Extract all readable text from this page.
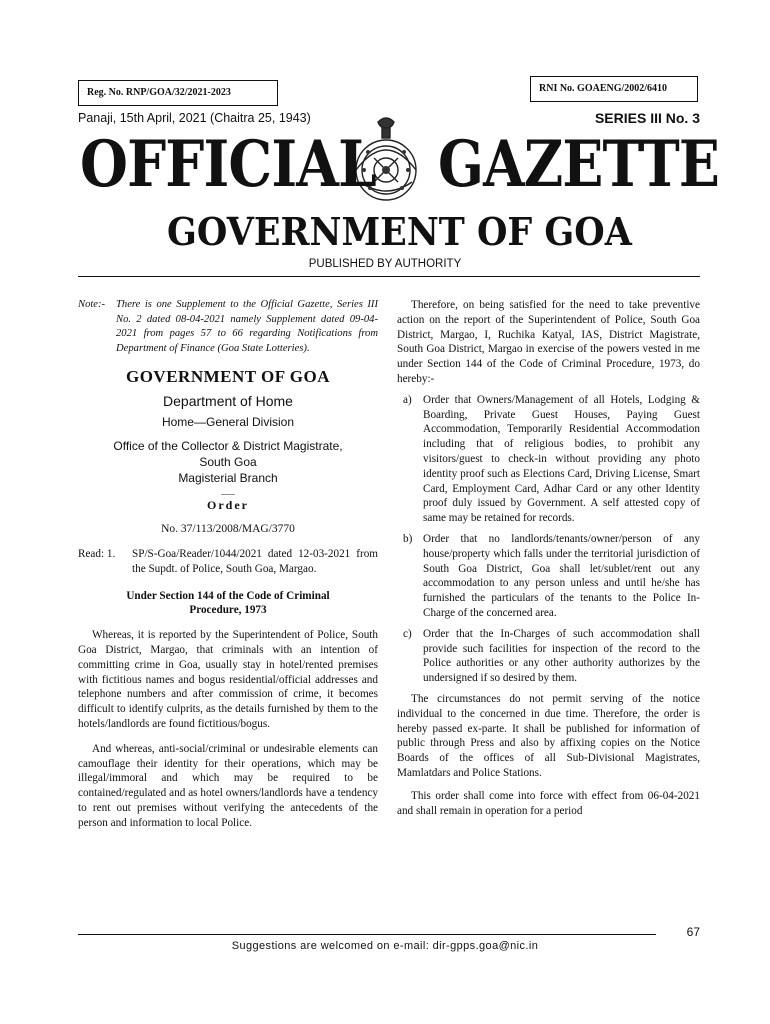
Reg. No. RNP/GOA/32/2021-2023	RNI No. GOAENG/2002/6410
Panaji, 15th April, 2021 (Chaitra 25, 1943)	SERIES III No. 3
OFFICIAL GAZETTE
GOVERNMENT OF GOA
PUBLISHED BY AUTHORITY
Note:-	There is one Supplement to the Official Gazette, Series III No. 2 dated 08-04-2021 namely Supplement dated 09-04-2021 from pages 57 to 66 regarding Notifications from Department of Finance (Goa State Lotteries).
GOVERNMENT OF GOA
Department of Home
Home—General Division
Office of the Collector & District Magistrate,
South Goa
Magisterial Branch
___
Order
No. 37/113/2008/MAG/3770
Read: 1.	SP/S-Goa/Reader/1044/2021 dated 12-03-2021 from the Supdt. of Police, South Goa, Margao.
Under Section 144 of the Code of Criminal Procedure, 1973

Whereas, it is reported by the Superintendent of Police, South Goa District, Margao, that criminals with an intention of committing crime in Goa, usually stay in hotel/rented premises with fictitious names and bogus residential/official addresses and telephone numbers and after commission of crime, it becomes difficult to identify culprits, as the details furnished by them to the hotels/landlords are found fictitious/bogus.

And whereas, anti-social/criminal or undesirable elements can camouflage their identity for their operations, which may be illegal/immoral and which may be required to be contained/regulated and as hotel owners/landlords have a tendency to rent out premises without verifying the antecedents of the person and information to local Police.

Therefore, on being satisfied for the need to take preventive action on the report of the Superintendent of Police, South Goa District, Margao, I, Ruchika Katyal, IAS, District Magistrate, South Goa District, Margao in exercise of the powers vested in me under Section 144 of the Code of Criminal Procedure, 1973, do hereby:-

a)	Order that Owners/Management of all Hotels, Lodging & Boarding, Private Guest Houses, Paying Guest Accommodation, Temporarily Residential Accommodation including that of religious bodies, to prohibit any visitors/guest to check-in without providing any photo identity proof such as Elections Card, Driving License, Smart Card, Employment Card, Adhar Card or any other Identity proof duly issued by Government. A self attested copy of same may be retained for records.
b) Order that no landlords/tenants/owner/person of any house/property which falls under the territorial jurisdiction of South Goa District, Goa shall let/sublet/rent out any accommodation to any person unless and until he/she has furnished the particulars of the tenants to the Police In-Charge of the concerned area.
c)	Order that the In-Charges of such accommodation shall provide such facilities for inspection of the record to the Police authorities or any other authority authorizes by the undersigned if so desired by them.

The circumstances do not permit serving of the notice individual to the concerned in due time. Therefore, the order is hereby passed ex-parte. It shall be published for information of public through Press and also by affixing copies on the Notice Boards of the offices of all Sub-Divisional Magistrates, Mamlatdars and Police Stations.

This order shall come into force with effect from 06-04-2021 and shall remain in operation for a period

67
Suggestions are welcomed on e-mail: dir-gpps.goa@nic.in
